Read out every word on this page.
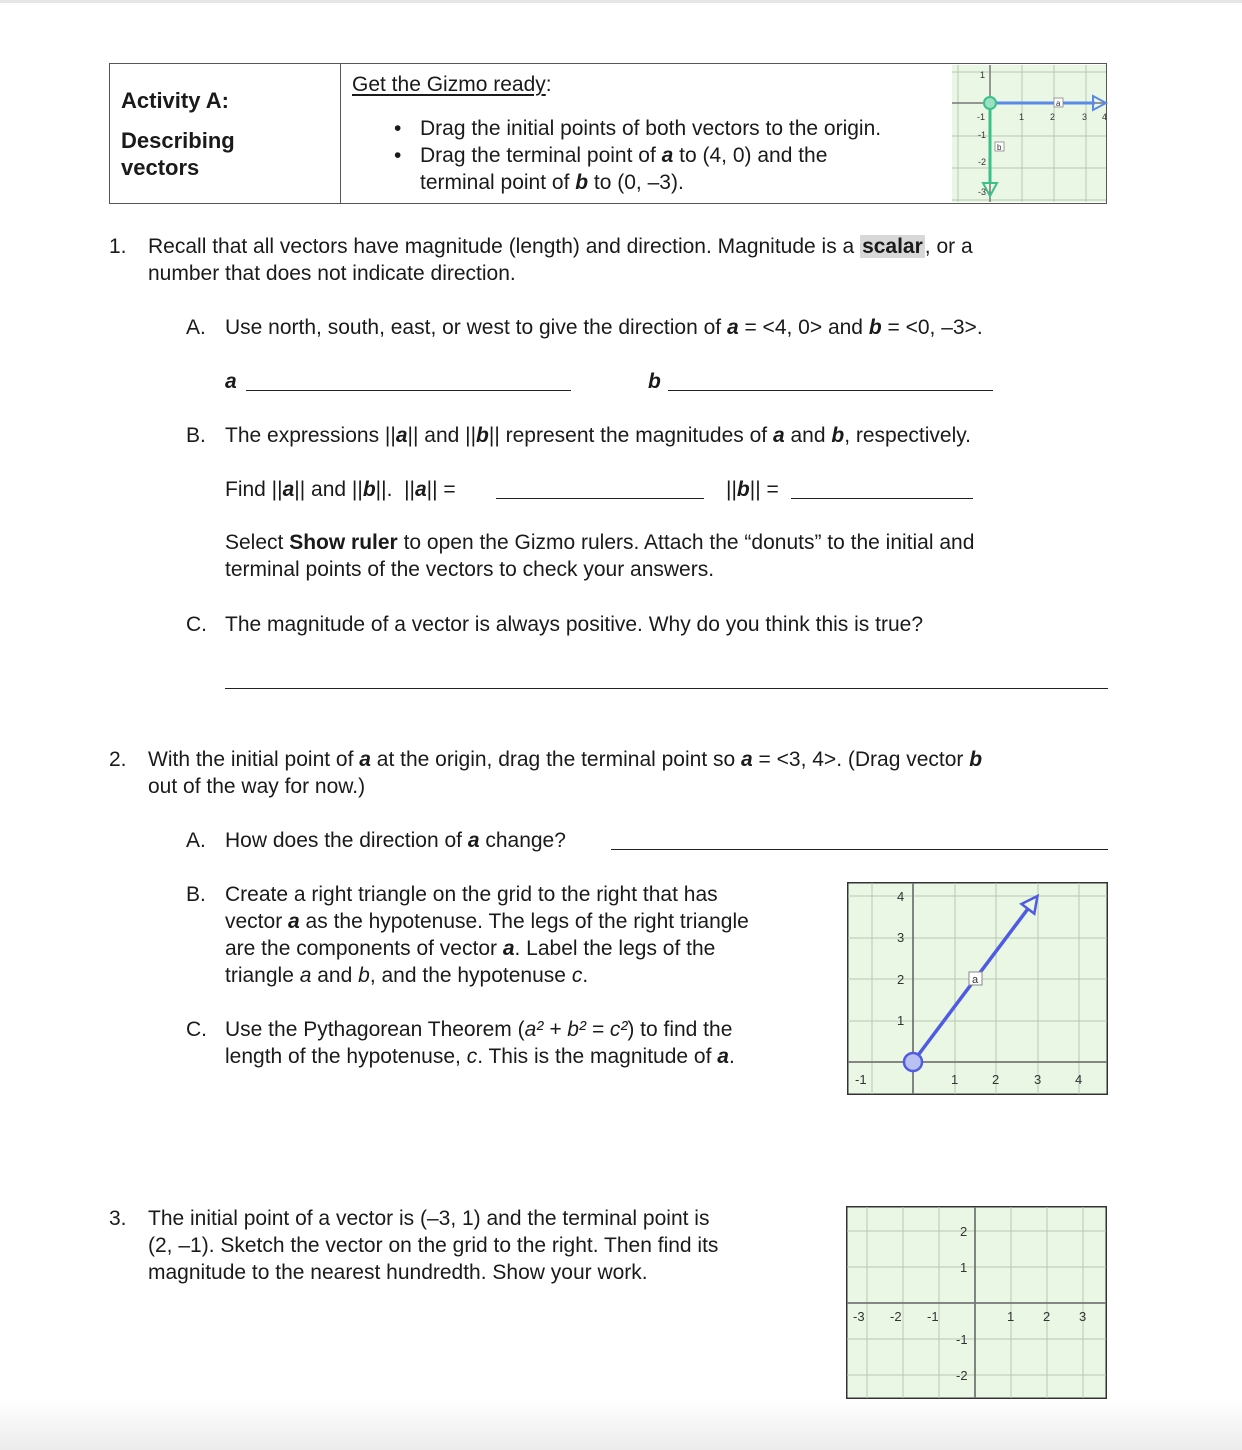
Activity A:
Describing
vectors
Get the Gizmo ready:
• Drag the initial points of both vectors to the origin.
• Drag the terminal point of a to (4, 0) and the
terminal point of b to (0, –3).
-1	1	2	3 4
1
-1
-2
-3
a
b
1. Recall that all vectors have magnitude (length) and direction. Magnitude is a scalar, or a
number that does not indicate direction.
A. Use north, south, east, or west to give the direction of a = <4, 0> and b = <0, –3>.
a	b
B. The expressions ||a|| and ||b|| represent the magnitudes of a and b, respectively.
Find ||a|| and ||b||.  ||a|| =	||b|| =
Select Show ruler to open the Gizmo rulers. Attach the “donuts” to the initial and
terminal points of the vectors to check your answers.
C. The magnitude of a vector is always positive. Why do you think this is true?
2. With the initial point of a at the origin, drag the terminal point so a = <3, 4>. (Drag vector b
out of the way for now.)
A. How does the direction of a change?
B. Create a right triangle on the grid to the right that has
vector a as the hypotenuse. The legs of the right triangle
are the components of vector a. Label the legs of the
triangle a and b, and the hypotenuse c.
C. Use the Pythagorean Theorem (a² + b² = c²) to find the
length of the hypotenuse, c. This is the magnitude of a.
-1	1	2	3	4
4
3
2
1
a
3. The initial point of a vector is (–3, 1) and the terminal point is
(2, –1). Sketch the vector on the grid to the right. Then find its
magnitude to the nearest hundredth. Show your work.
-3 -2 -1	1 2 3
2
1
-1
-2
